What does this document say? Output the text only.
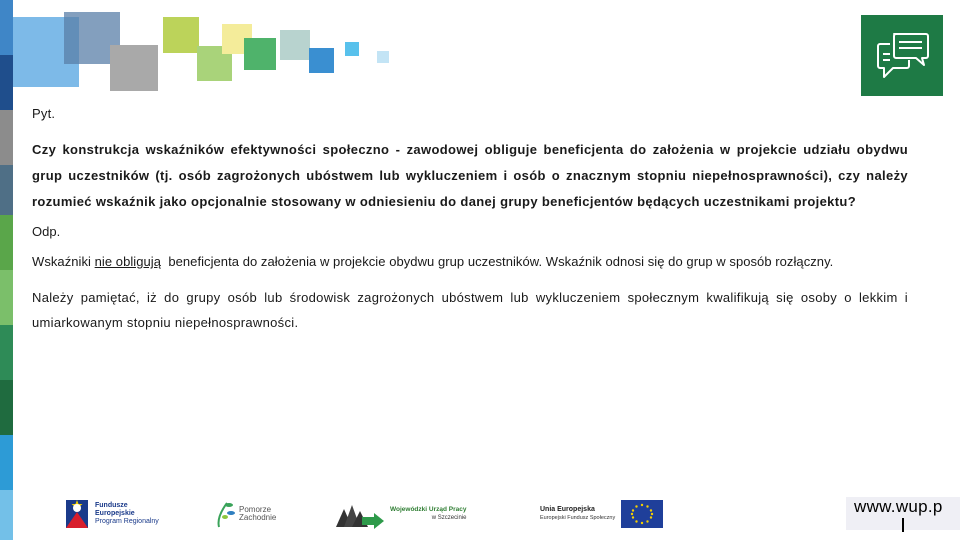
Pyt.

Czy konstrukcja wskaźników efektywności społeczno - zawodowej obliguje beneficjenta do założenia w projekcie udziału obydwu grup uczestników (tj. osób zagrożonych ubóstwem lub wykluczeniem i osób o znacznym stopniu niepełnosprawności), czy należy rozumieć wskaźnik jako opcjonalnie stosowany w odniesieniu do danej grupy beneficjentów będących uczestnikami projektu?

Odp.

Wskaźniki nie obligują  beneficjenta do założenia w projekcie obydwu grup uczestników. Wskaźnik odnosi się do grup w sposób rozłączny.

Należy pamiętać, iż do grupy osób lub środowisk zagrożonych ubóstwem lub wykluczeniem społecznym kwalifikują się osoby o lekkim i umiarkowanym stopniu niepełnosprawności.

Fundusze
Europejskie
Program Regionalny
Pomorze
Zachodnie
Wojewódzki Urząd Pracy
w Szczecinie
Unia Europejska
Europejski Fundusz Społeczny
www.wup.p
